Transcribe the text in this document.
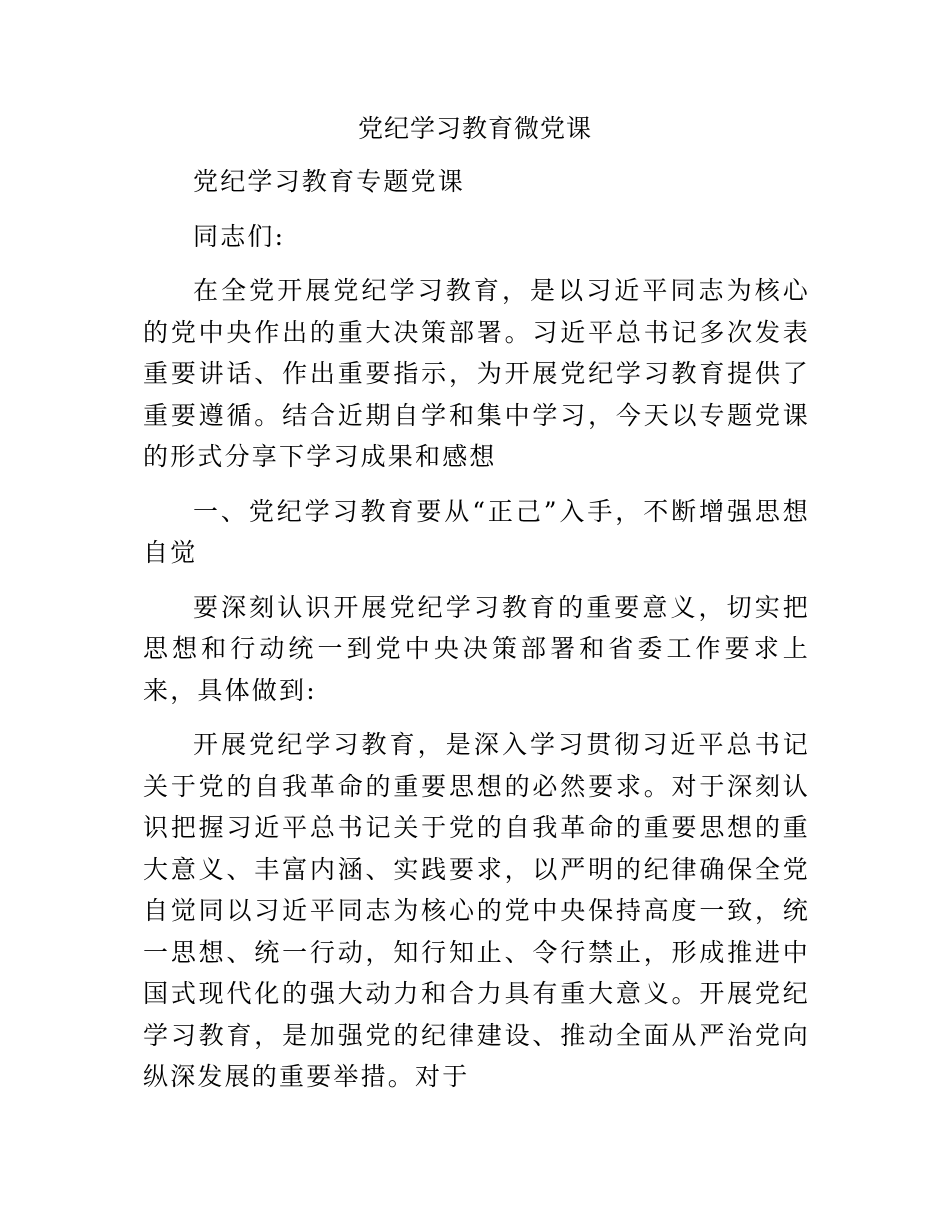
党纪学习教育微党课

党纪学习教育专题党课

同志们:

在全党开展党纪学习教育，是以习近平同志为核心的党中央作出的重大决策部署。习近平总书记多次发表重要讲话、作出重要指示，为开展党纪学习教育提供了重要遵循。结合近期自学和集中学习，今天以专题党课的形式分享下学习成果和感想

一、党纪学习教育要从“正己”入手，不断增强思想自觉

要深刻认识开展党纪学习教育的重要意义，切实把思想和行动统一到党中央决策部署和省委工作要求上来，具体做到:

开展党纪学习教育，是深入学习贯彻习近平总书记关于党的自我革命的重要思想的必然要求。对于深刻认识把握习近平总书记关于党的自我革命的重要思想的重大意义、丰富内涵、实践要求，以严明的纪律确保全党自觉同以习近平同志为核心的党中央保持高度一致，统一思想、统一行动，知行知止、令行禁止，形成推进中国式现代化的强大动力和合力具有重大意义。开展党纪学习教育，是加强党的纪律建设、推动全面从严治党向纵深发展的重要举措。对于
